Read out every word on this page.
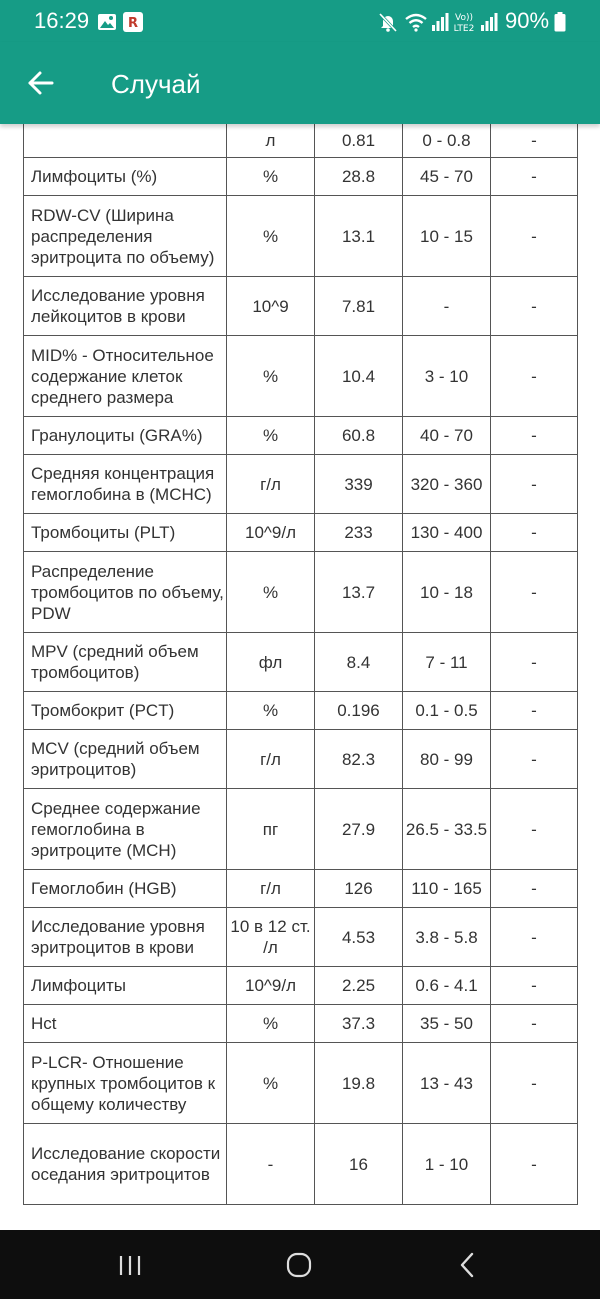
16:29	R	Vo))
LTE2 90%
Случай
	л	0.81	0 - 0.8	-
Лимфоциты (%)	%	28.8	45 - 70	-
RDW-CV (Ширина распределения эритроцита по объему)	%	13.1	10 - 15	-
Исследование уровня лейкоцитов в крови	10^9	7.81	-	-
MID% - Относительное содержание клеток среднего размера	%	10.4	3 - 10	-
Гранулоциты (GRA%)	%	60.8	40 - 70	-
Средняя концентрация гемоглобина в (MCHC)	г/л	339	320 - 360	-
Тромбоциты (PLT)	10^9/л	233	130 - 400	-
Распределение тромбоцитов по объему, PDW	%	13.7	10 - 18	-
MPV (средний объем тромбоцитов)	фл	8.4	7 - 11	-
Тромбокрит (PCT)	%	0.196	0.1 - 0.5	-
MCV (средний объем эритроцитов)	г/л	82.3	80 - 99	-
Среднее содержание гемоглобина в эритроците (MCH)	пг	27.9	26.5 - 33.5	-
Гемоглобин (HGB)	г/л	126	110 - 165	-
Исследование уровня эритроцитов в крови	10 в 12 ст. /л	4.53	3.8 - 5.8	-
Лимфоциты	10^9/л	2.25	0.6 - 4.1	-
Hct	%	37.3	35 - 50	-
P-LCR- Отношение крупных тромбоцитов к общему количеству	%	19.8	13 - 43	-
Исследование скорости оседания эритроцитов	-	16	1 - 10	-
